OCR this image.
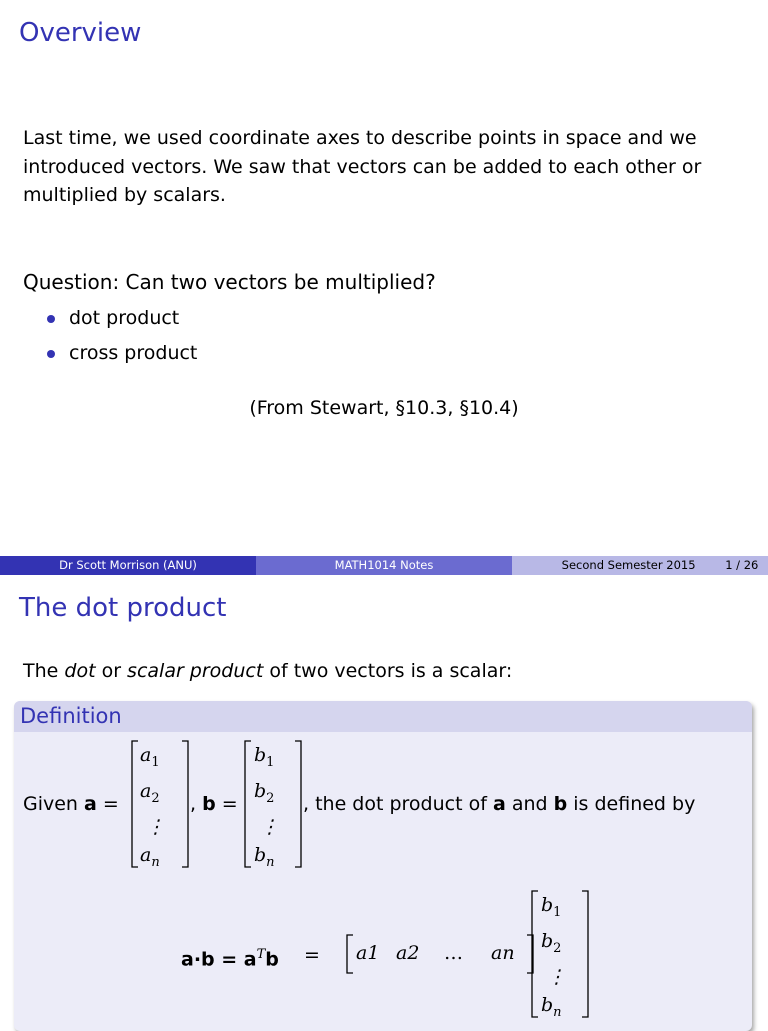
Overview
Last time, we used coordinate axes to describe points in space and we
introduced vectors. We saw that vectors can be added to each other or
multiplied by scalars.
Question: Can two vectors be multiplied?
dot product
cross product
(From Stewart, §10.3, §10.4)
Dr Scott Morrison (ANU)	MATH1014 Notes	Second Semester 2015	1 / 26
The dot product
The dot or scalar product of two vectors is a scalar:
Definition
Given a =
$a_1$
$a_2$
⋮
$a_n$
, b =
$b_1$
$b_2$
⋮
$b_n$
, the dot product of a and b is defined by
$a\cdot b = a^Tb = a1$ a2 … an
$b_1$
$b_2$
⋮
$b_n$
